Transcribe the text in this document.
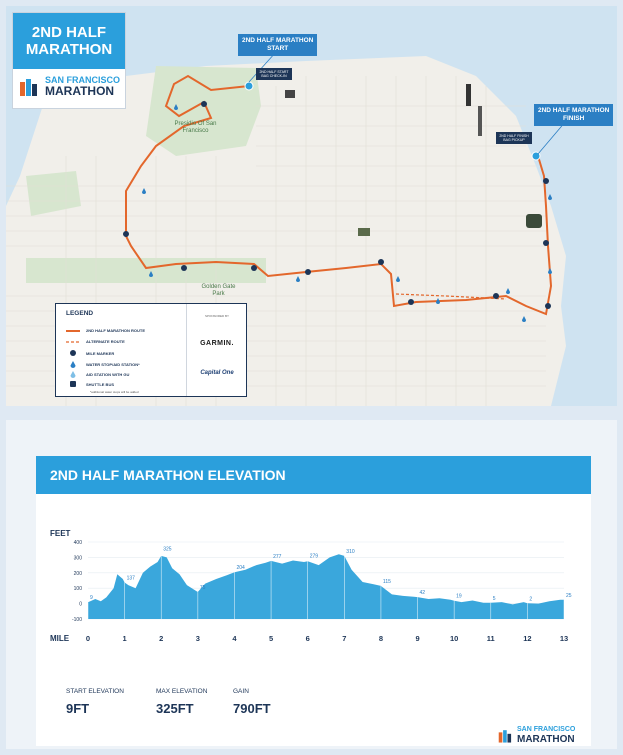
2ND HALF
MARATHON
SAN FRANCISCO
MARATHON
2ND HALF MARATHON
START
2ND HALF START BAG CHECK-IN
2ND HALF MARATHON
FINISH
2ND HALF FINISH BAG PICKUP
Presidio Of San Francisco
Golden Gate Park
LEGEND
2ND HALF MARATHON ROUTE
ALTERNATE ROUTE
MILE MARKER
WATER STOP/AID STATION*
AID STATION WITH GU
SHUTTLE BUS
*additional water stops will be added
SPONSORED BY
GARMIN.
Capital One
2ND HALF MARATHON ELEVATION
FEET
MILE
9
137
325
75
204
277	279
310
115
42
19	5	2
25
400
300
200
100
0
-100
0	1	2	3	4	5	6	7	8	9	10	11	12	13
START ELEVATION
9FT
MAX ELEVATION
325FT
GAIN
790FT
SAN FRANCISCO
MARATHON
